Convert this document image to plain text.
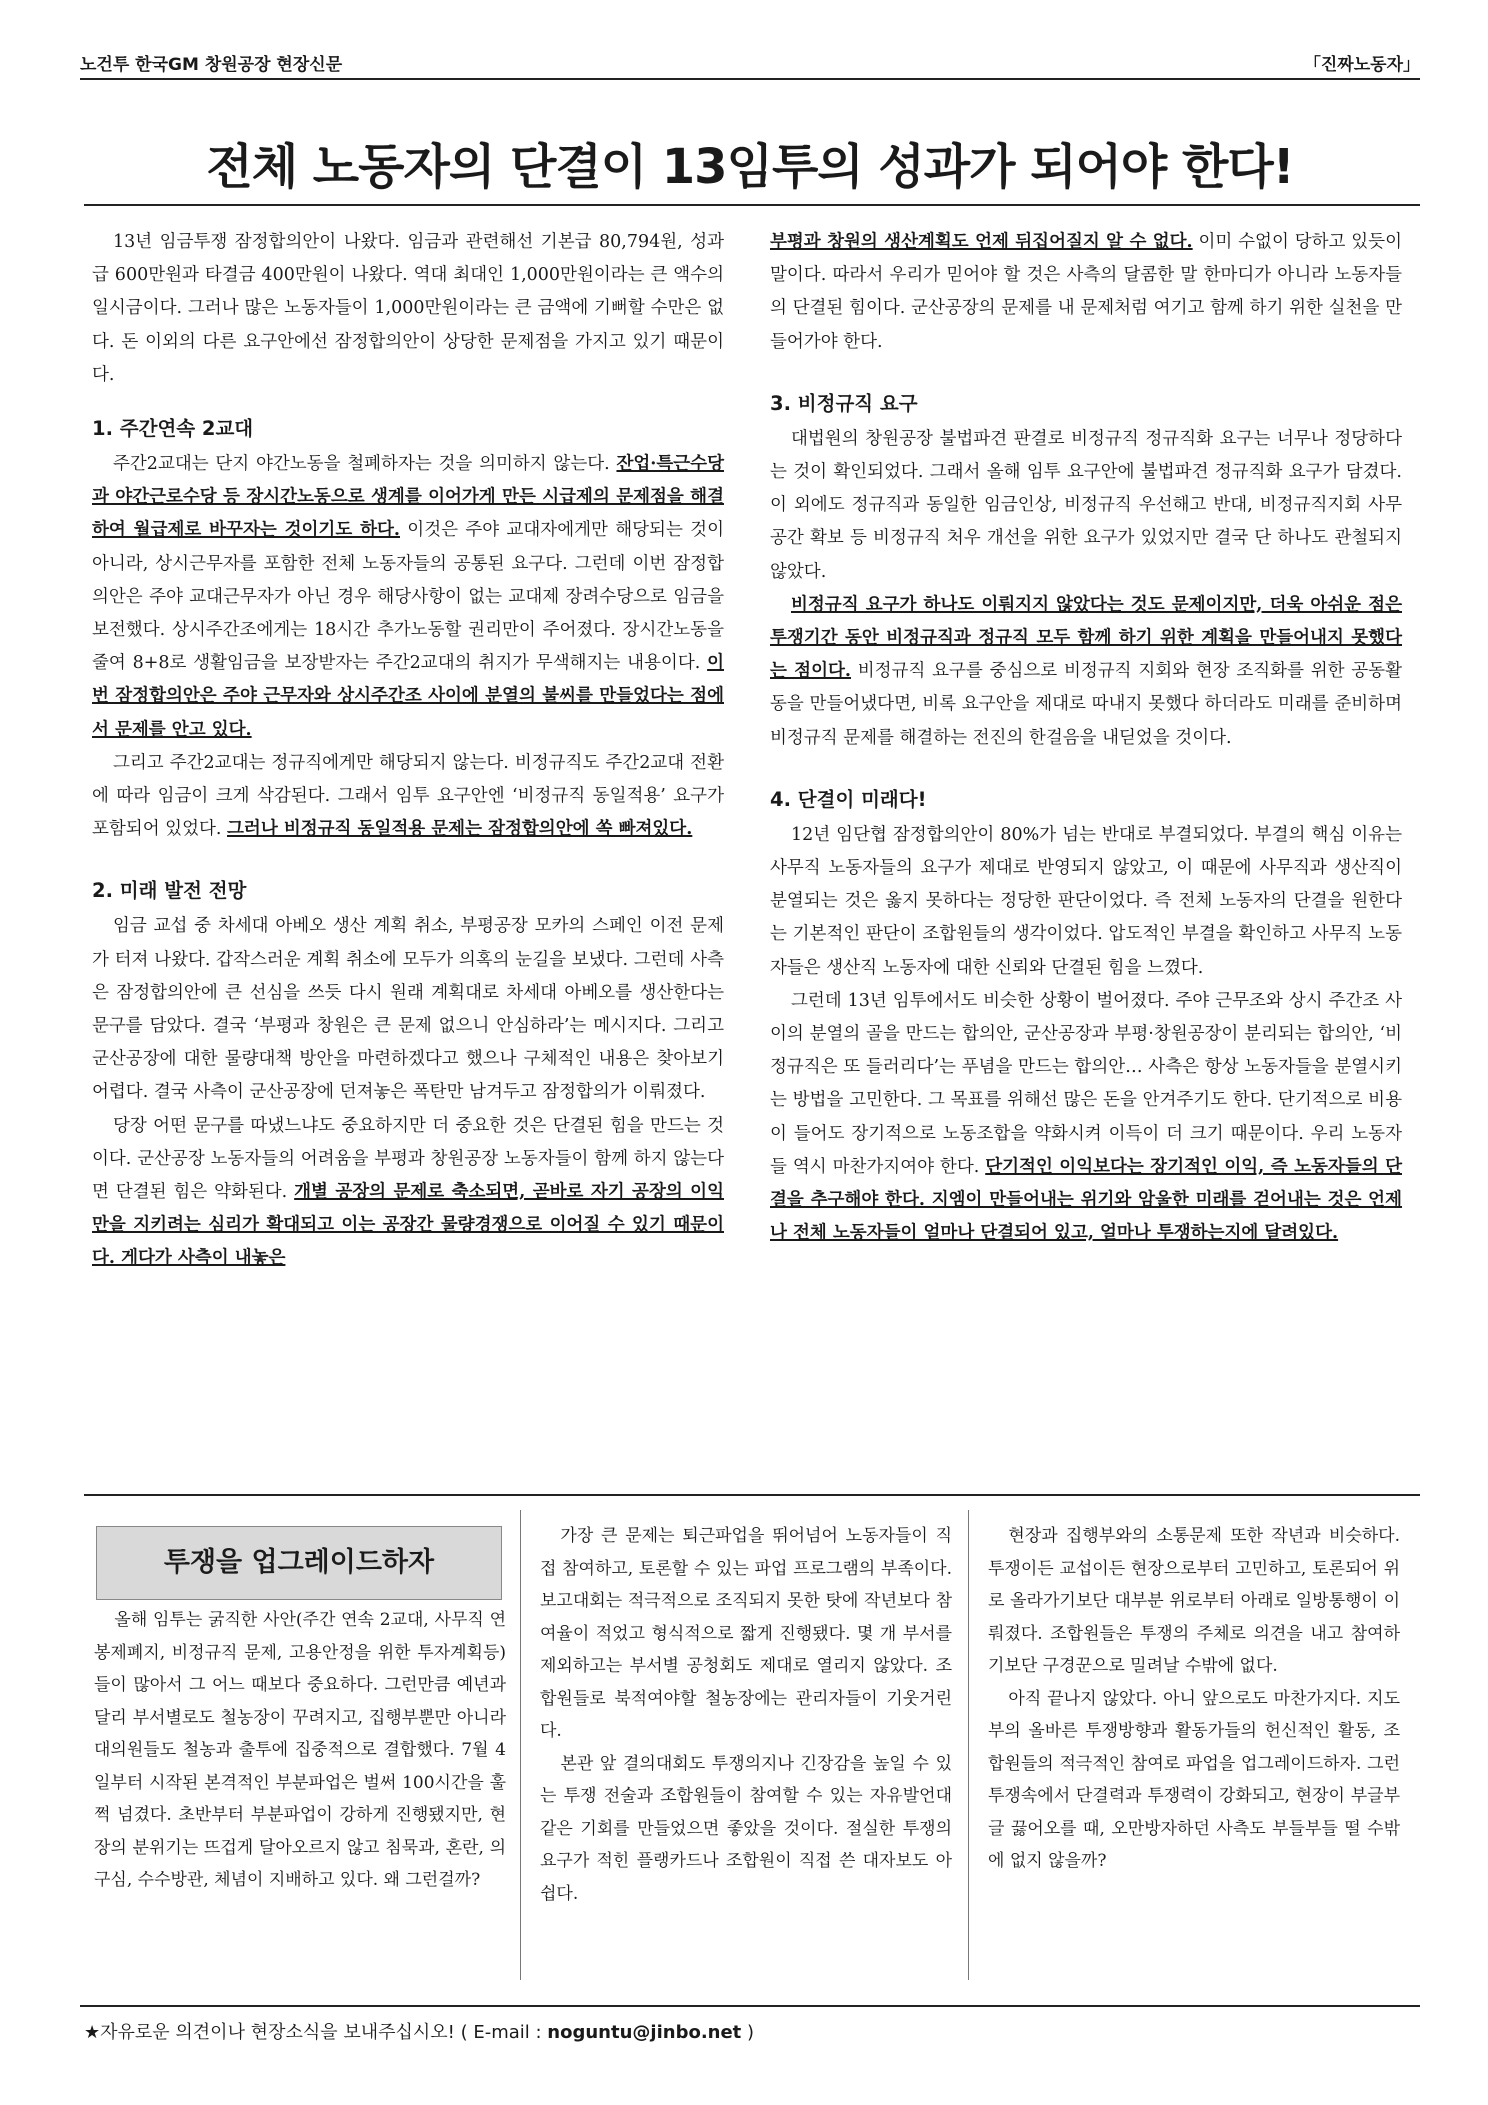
노건투 한국GM 창원공장 현장신문	「진짜노동자」
전체 노동자의 단결이 13임투의 성과가 되어야 한다!

13년 임금투쟁 잠정합의안이 나왔다. 임금과 관련해선 기본급 80,794원, 성과급 600만원과 타결금 400만원이 나왔다. 역대 최대인 1,000만원이라는 큰 액수의 일시금이다. 그러나 많은 노동자들이 1,000만원이라는 큰 금액에 기뻐할 수만은 없다. 돈 이외의 다른 요구안에선 잠정합의안이 상당한 문제점을 가지고 있기 때문이다.

1. 주간연속 2교대

주간2교대는 단지 야간노동을 철폐하자는 것을 의미하지 않는다. 잔업·특근수당과 야간근로수당 등 장시간노동으로 생계를 이어가게 만든 시급제의 문제점을 해결하여 월급제로 바꾸자는 것이기도 하다. 이것은 주야 교대자에게만 해당되는 것이 아니라, 상시근무자를 포함한 전체 노동자들의 공통된 요구다. 그런데 이번 잠정합의안은 주야 교대근무자가 아닌 경우 해당사항이 없는 교대제 장려수당으로 임금을 보전했다. 상시주간조에게는 18시간 추가노동할 권리만이 주어졌다. 장시간노동을 줄여 8+8로 생활임금을 보장받자는 주간2교대의 취지가 무색해지는 내용이다. 이번 잠정합의안은 주야 근무자와 상시주간조 사이에 분열의 불씨를 만들었다는 점에서 문제를 안고 있다.

그리고 주간2교대는 정규직에게만 해당되지 않는다. 비정규직도 주간2교대 전환에 따라 임금이 크게 삭감된다. 그래서 임투 요구안엔 ‘비정규직 동일적용’ 요구가 포함되어 있었다. 그러나 비정규직 동일적용 문제는 잠정합의안에 쏙 빠져있다.

2. 미래 발전 전망

임금 교섭 중 차세대 아베오 생산 계획 취소, 부평공장 모카의 스페인 이전 문제가 터져 나왔다. 갑작스러운 계획 취소에 모두가 의혹의 눈길을 보냈다. 그런데 사측은 잠정합의안에 큰 선심을 쓰듯 다시 원래 계획대로 차세대 아베오를 생산한다는 문구를 담았다. 결국 ‘부평과 창원은 큰 문제 없으니 안심하라’는 메시지다. 그리고 군산공장에 대한 물량대책 방안을 마련하겠다고 했으나 구체적인 내용은 찾아보기 어렵다. 결국 사측이 군산공장에 던져놓은 폭탄만 남겨두고 잠정합의가 이뤄졌다.

당장 어떤 문구를 따냈느냐도 중요하지만 더 중요한 것은 단결된 힘을 만드는 것이다. 군산공장 노동자들의 어려움을 부평과 창원공장 노동자들이 함께 하지 않는다면 단결된 힘은 약화된다. 개별 공장의 문제로 축소되면, 곧바로 자기 공장의 이익만을 지키려는 심리가 확대되고 이는 공장간 물량경쟁으로 이어질 수 있기 때문이다. 게다가 사측이 내놓은

부평과 창원의 생산계획도 언제 뒤집어질지 알 수 없다. 이미 수없이 당하고 있듯이 말이다. 따라서 우리가 믿어야 할 것은 사측의 달콤한 말 한마디가 아니라 노동자들의 단결된 힘이다. 군산공장의 문제를 내 문제처럼 여기고 함께 하기 위한 실천을 만들어가야 한다.

3. 비정규직 요구

대법원의 창원공장 불법파견 판결로 비정규직 정규직화 요구는 너무나 정당하다는 것이 확인되었다. 그래서 올해 임투 요구안에 불법파견 정규직화 요구가 담겼다. 이 외에도 정규직과 동일한 임금인상, 비정규직 우선해고 반대, 비정규직지회 사무공간 확보 등 비정규직 처우 개선을 위한 요구가 있었지만 결국 단 하나도 관철되지 않았다.

비정규직 요구가 하나도 이뤄지지 않았다는 것도 문제이지만, 더욱 아쉬운 점은 투쟁기간 동안 비정규직과 정규직 모두 함께 하기 위한 계획을 만들어내지 못했다는 점이다. 비정규직 요구를 중심으로 비정규직 지회와 현장 조직화를 위한 공동활동을 만들어냈다면, 비록 요구안을 제대로 따내지 못했다 하더라도 미래를 준비하며 비정규직 문제를 해결하는 전진의 한걸음을 내딛었을 것이다.

4. 단결이 미래다!

12년 임단협 잠정합의안이 80%가 넘는 반대로 부결되었다. 부결의 핵심 이유는 사무직 노동자들의 요구가 제대로 반영되지 않았고, 이 때문에 사무직과 생산직이 분열되는 것은 옳지 못하다는 정당한 판단이었다. 즉 전체 노동자의 단결을 원한다는 기본적인 판단이 조합원들의 생각이었다. 압도적인 부결을 확인하고 사무직 노동자들은 생산직 노동자에 대한 신뢰와 단결된 힘을 느꼈다.

그런데 13년 임투에서도 비슷한 상황이 벌어졌다. 주야 근무조와 상시 주간조 사이의 분열의 골을 만드는 합의안, 군산공장과 부평·창원공장이 분리되는 합의안, ‘비정규직은 또 들러리다’는 푸념을 만드는 합의안… 사측은 항상 노동자들을 분열시키는 방법을 고민한다. 그 목표를 위해선 많은 돈을 안겨주기도 한다. 단기적으로 비용이 들어도 장기적으로 노동조합을 약화시켜 이득이 더 크기 때문이다. 우리 노동자들 역시 마찬가지여야 한다. 단기적인 이익보다는 장기적인 이익, 즉 노동자들의 단결을 추구해야 한다. 지엠이 만들어내는 위기와 암울한 미래를 걷어내는 것은 언제나 전체 노동자들이 얼마나 단결되어 있고, 얼마나 투쟁하는지에 달려있다.

투쟁을 업그레이드하자

올해 임투는 굵직한 사안(주간 연속 2교대, 사무직 연봉제폐지, 비정규직 문제, 고용안정을 위한 투자계획등)들이 많아서 그 어느 때보다 중요하다. 그런만큼 예년과 달리 부서별로도 철농장이 꾸려지고, 집행부뿐만 아니라 대의원들도 철농과 출투에 집중적으로 결합했다. 7월 4일부터 시작된 본격적인 부분파업은 벌써 100시간을 훌쩍 넘겼다. 초반부터 부분파업이 강하게 진행됐지만, 현장의 분위기는 뜨겁게 달아오르지 않고 침묵과, 혼란, 의구심, 수수방관, 체념이 지배하고 있다. 왜 그런걸까?

가장 큰 문제는 퇴근파업을 뛰어넘어 노동자들이 직접 참여하고, 토론할 수 있는 파업 프로그램의 부족이다. 보고대회는 적극적으로 조직되지 못한 탓에 작년보다 참여율이 적었고 형식적으로 짧게 진행됐다. 몇 개 부서를 제외하고는 부서별 공청회도 제대로 열리지 않았다. 조합원들로 북적여야할 철농장에는 관리자들이 기웃거린다.

본관 앞 결의대회도 투쟁의지나 긴장감을 높일 수 있는 투쟁 전술과 조합원들이 참여할 수 있는 자유발언대 같은 기회를 만들었으면 좋았을 것이다. 절실한 투쟁의 요구가 적힌 플랭카드나 조합원이 직접 쓴 대자보도 아쉽다.

현장과 집행부와의 소통문제 또한 작년과 비슷하다. 투쟁이든 교섭이든 현장으로부터 고민하고, 토론되어 위로 올라가기보단 대부분 위로부터 아래로 일방통행이 이뤄졌다. 조합원들은 투쟁의 주체로 의견을 내고 참여하기보단 구경꾼으로 밀려날 수밖에 없다.

아직 끝나지 않았다. 아니 앞으로도 마찬가지다. 지도부의 올바른 투쟁방향과 활동가들의 헌신적인 활동, 조합원들의 적극적인 참여로 파업을 업그레이드하자. 그런 투쟁속에서 단결력과 투쟁력이 강화되고, 현장이 부글부글 끓어오를 때, 오만방자하던 사측도 부들부들 떨 수밖에 없지 않을까?

★자유로운 의견이나 현장소식을 보내주십시오! ( E-mail : noguntu@jinbo.net )
